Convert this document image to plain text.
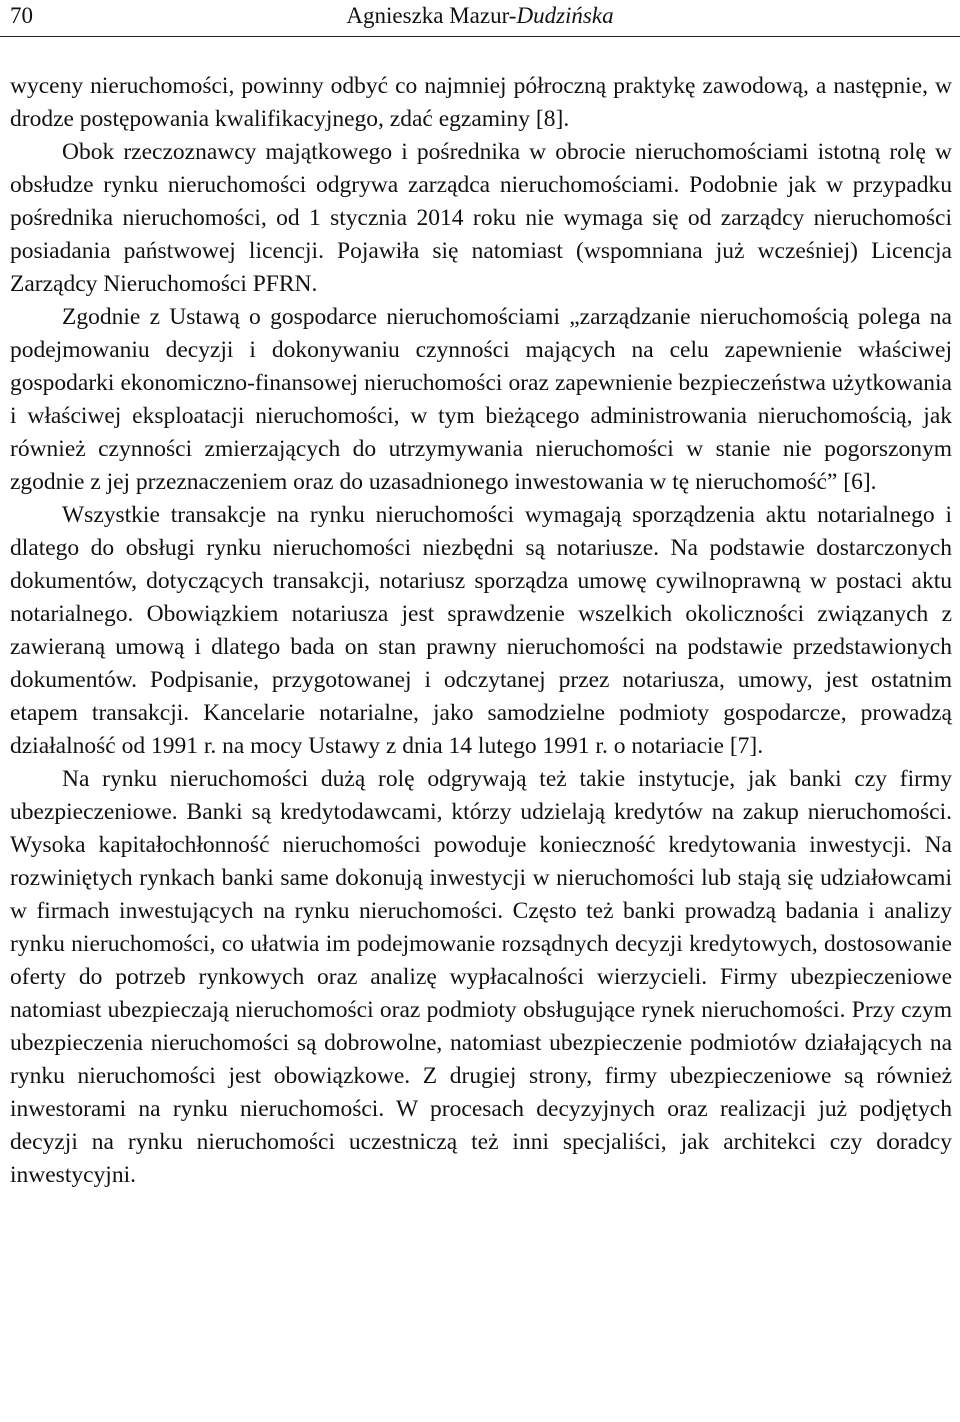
70	Agnieszka Mazur-Dudzińska

wyceny nieruchomości, powinny odbyć co najmniej półroczną praktykę zawodową, a następnie, w drodze postępowania kwalifikacyjnego, zdać egzaminy [8].

Obok rzeczoznawcy majątkowego i pośrednika w obrocie nieruchomościami istotną rolę w obsłudze rynku nieruchomości odgrywa zarządca nieruchomościami. Podobnie jak w przypadku pośrednika nieruchomości, od 1 stycznia 2014 roku nie wymaga się od zarządcy nieruchomości posiadania państwowej licencji. Pojawiła się natomiast (wspomniana już wcześniej) Licencja Zarządcy Nieruchomości PFRN.

Zgodnie z Ustawą o gospodarce nieruchomościami „zarządzanie nieruchomością polega na podejmowaniu decyzji i dokonywaniu czynności mających na celu zapewnienie właściwej gospodarki ekonomiczno-finansowej nieruchomości oraz zapewnienie bezpieczeństwa użytkowania i właściwej eksploatacji nieruchomości, w tym bieżącego administrowania nieruchomością, jak również czynności zmierzających do utrzymywania nieruchomości w stanie nie pogorszonym zgodnie z jej przeznaczeniem oraz do uzasadnionego inwestowania w tę nieruchomość” [6].

Wszystkie transakcje na rynku nieruchomości wymagają sporządzenia aktu notarialnego i dlatego do obsługi rynku nieruchomości niezbędni są notariusze. Na podstawie dostarczonych dokumentów, dotyczących transakcji, notariusz sporządza umowę cywilnoprawną w postaci aktu notarialnego. Obowiązkiem notariusza jest sprawdzenie wszelkich okoliczności związanych z zawieraną umową i dlatego bada on stan prawny nieruchomości na podstawie przedstawionych dokumentów. Podpisanie, przygotowanej i odczytanej przez notariusza, umowy, jest ostatnim etapem transakcji. Kancelarie notarialne, jako samodzielne podmioty gospodarcze, prowadzą działalność od 1991 r. na mocy Ustawy z dnia 14 lutego 1991 r. o notariacie [7].

Na rynku nieruchomości dużą rolę odgrywają też takie instytucje, jak banki czy firmy ubezpieczeniowe. Banki są kredytodawcami, którzy udzielają kredytów na zakup nieruchomości. Wysoka kapitałochłonność nieruchomości powoduje konieczność kredytowania inwestycji. Na rozwiniętych rynkach banki same dokonują inwestycji w nieruchomości lub stają się udziałowcami w firmach inwestujących na rynku nieruchomości. Często też banki prowadzą badania i analizy rynku nieruchomości, co ułatwia im podejmowanie rozsądnych decyzji kredytowych, dostosowanie oferty do potrzeb rynkowych oraz analizę wypłacalności wierzycieli. Firmy ubezpieczeniowe natomiast ubezpieczają nieruchomości oraz podmioty obsługujące rynek nieruchomości. Przy czym ubezpieczenia nieruchomości są dobrowolne, natomiast ubezpieczenie podmiotów działających na rynku nieruchomości jest obowiązkowe. Z drugiej strony, firmy ubezpieczeniowe są również inwestorami na rynku nieruchomości. W procesach decyzyjnych oraz realizacji już podjętych decyzji na rynku nieruchomości uczestniczą też inni specjaliści, jak architekci czy doradcy inwestycyjni.
